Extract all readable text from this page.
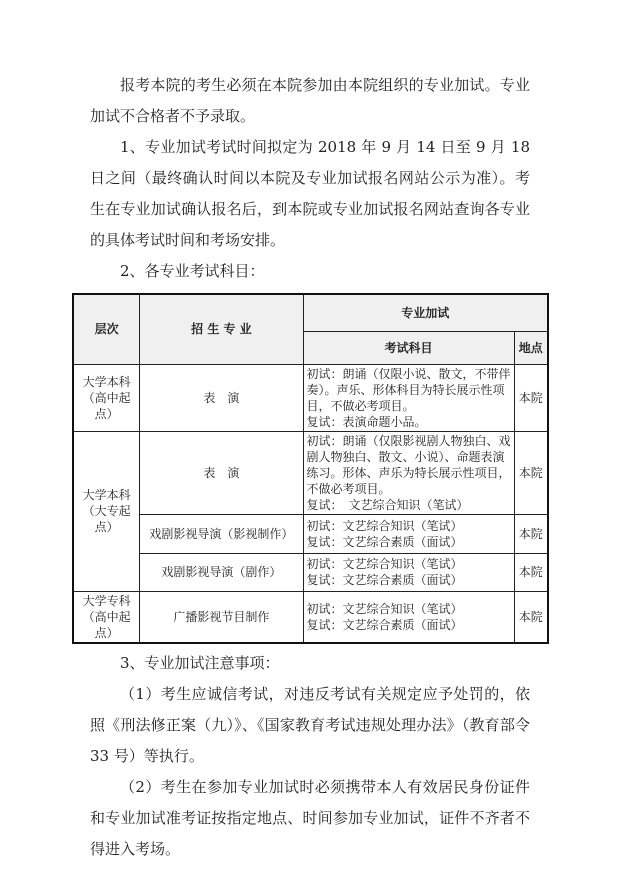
报考本院的考生必须在本院参加由本院组织的专业加试。专业加试不合格者不予录取。

1、专业加试考试时间拟定为 2018 年 9 月 14 日至 9 月 18 日之间（最终确认时间以本院及专业加试报名网站公示为准）。考生在专业加试确认报名后，到本院或专业加试报名网站查询各专业的具体考试时间和考场安排。

2、各专业考试科目：

层次	招 生 专 业	专业加试	
		考试科目	地点
大学本科（高中起点）	表　演	初试：朗诵（仅限小说、散文，不带伴奏）。声乐、形体科目为特长展示性项目，不做必考项目。
复试：表演命题小品。	本院
大学本科（大专起点）	表　演	初试：朗诵（仅限影视剧人物独白、戏剧人物独白、散文、小说）、命题表演练习。形体、声乐为特长展示性项目，不做必考项目。
复试：　文艺综合知识（笔试）	本院
	戏剧影视导演（影视制作）	初试：文艺综合知识（笔试）
复试：文艺综合素质（面试）	本院
	戏剧影视导演（剧作）	初试：文艺综合知识（笔试）
复试：文艺综合素质（面试）	本院
大学专科（高中起点）	广播影视节目制作	初试：文艺综合知识（笔试）
复试：文艺综合素质（面试）	本院

3、专业加试注意事项：

（1）考生应诚信考试，对违反考试有关规定应予处罚的，依照《刑法修正案（九）》、《国家教育考试违规处理办法》（教育部令 33 号）等执行。

（2）考生在参加专业加试时必须携带本人有效居民身份证件和专业加试准考证按指定地点、时间参加专业加试，证件不齐者不得进入考场。
